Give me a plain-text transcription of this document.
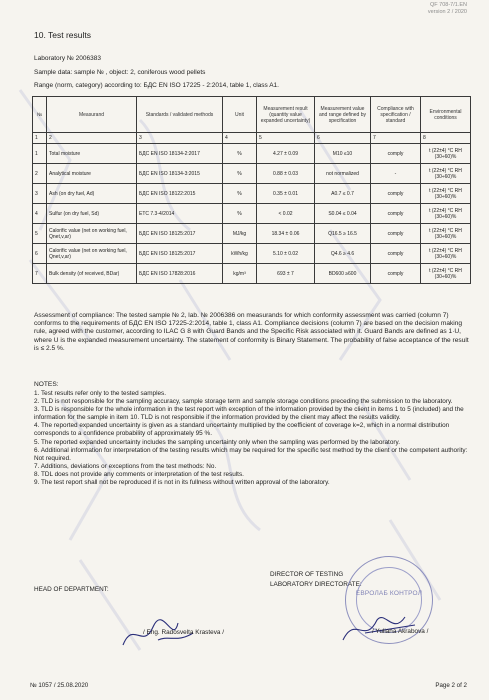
QF 708-7/1.EN
version 2 / 2020
10. Test results
Laboratory № 2006383
Sample data: sample № , object: 2, coniferous wood pellets
Range (norm, category) according to: БДС EN ISO 17225 - 2:2014, table 1, class A1.
№	Measurand	Standards / validated methods	Unit	Measurement result (quantity value expanded uncertainty)	Measurement value and range defined by specification	Compliance with specification / standard	Environmental conditions
1	2	3	4	5	6	7	8
1	Total moisture	БДС EN ISO 18134-2:2017	%	4.27 ± 0.09	M10 ≤10	comply	t (22±4) °C RH (30÷60)%
2	Analytical moisture	БДС EN ISO 18134-3:2015	%	0.88 ± 0.03	not normalized	-	t (22±4) °C RH (30÷60)%
3	Ash (on dry fuel, Ad)	БДС EN ISO 18122:2015	%	0.35 ± 0.01	A0.7 ≤ 0.7	comply	t (22±4) °C RH (30÷60)%
4	Sulfur (on dry fuel, Sd)	ETC 7.3-4/2014	%	< 0.02	S0.04 ≤ 0.04	comply	t (22±4) °C RH (30÷60)%
5	Calorific value (net on working fuel, Qnet,v,ar)	БДС EN ISO 18125:2017	MJ/kg	18.34 ± 0.06	Q16.5 ≥ 16.5	comply	t (22±4) °C RH (30÷60)%
6	Calorific value (net on working fuel, Qnet,v,ar)	БДС EN ISO 18125:2017	kWh/kg	5.10 ± 0.02	Q4.6 ≥ 4.6	comply	t (22±4) °C RH (30÷60)%
7	Bulk density (of received, BDar)	БДС EN ISO 17828:2016	kg/m³	693 ± 7	BD600 ≥600	comply	t (22±4) °C RH (30÷60)%
Assessment of compliance: The tested sample № 2, lab. № 2006386 on measurands for which conformity assessment was carried (column 7) conforms to the requirements of БДС EN ISO 17225-2:2014, table 1, class A1. Compliance decisions (column 7) are based on the decision making rule, agreed with the customer, according to ILAC G 8 with Guard Bands and the Specific Risk associated with it. Guard Bands are defined as 1·U, where U is the expanded measurement uncertainty. The statement of conformity is Binary Statement. The probability of false acceptance of the result is ≤ 2.5 %.
NOTES:
1. Test results refer only to the tested samples.
2. TLD is not responsible for the sampling accuracy, sample storage term and sample storage conditions preceding the submission to the laboratory.
3. TLD is responsible for the whole information in the test report with exception of the information provided by the client in items 1 to 5 (included) and the information for the sample in item 10. TLD is not responsible if the information provided by the client may affect the results validity.
4. The reported expanded uncertainty is given as a standard uncertainty multiplied by the coefficient of coverage k=2, which in a normal distribution corresponds to a confidence probability of approximately 95 %.
5. The reported expanded uncertainty includes the sampling uncertainty only when the sampling was performed by the laboratory.
6. Additional information for interpretation of the testing results which may be required for the specific test method by the client or the competent authority: Not required.
7. Additions, deviations or exceptions from the test methods: No.
8. TDL does not provide any comments or interpretation of the test results.
9. The test report shall not be reproduced if is not in its fullness without written approval of the laboratory.
HEAD OF DEPARTMENT:
DIRECTOR OF TESTING
LABORATORY DIRECTORATE:
ЕВРОЛАБ КОНТРОЛ
/ Eng. Radosvelta Krasteva /	/ Yuliana Akrabova /
№ 1057 / 25.08.2020	Page 2 of 2
